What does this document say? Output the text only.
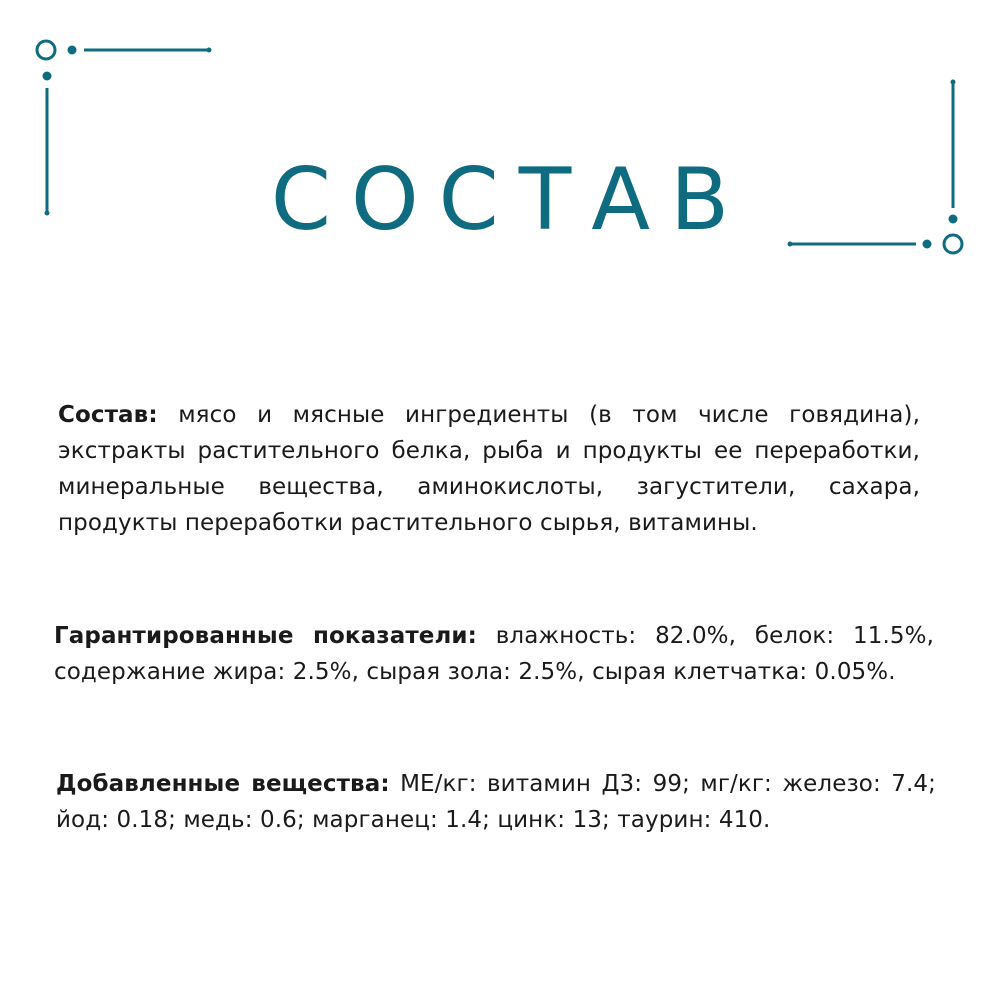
СОСТАВ

Состав: мясо и мясные ингредиенты (в том числе говядина), экстракты растительного белка, рыба и продукты ее переработки, минеральные вещества, аминокислоты, загустители, сахара, продукты переработки растительного сырья, витамины.

Гарантированные показатели: влажность: 82.0%, белок: 11.5%, содержание жира: 2.5%, сырая зола: 2.5%, сырая клетчатка: 0.05%.

Добавленные вещества: МЕ/кг: витамин Д3: 99; мг/кг: железо: 7.4; йод: 0.18; медь: 0.6; марганец: 1.4; цинк: 13; таурин: 410.
